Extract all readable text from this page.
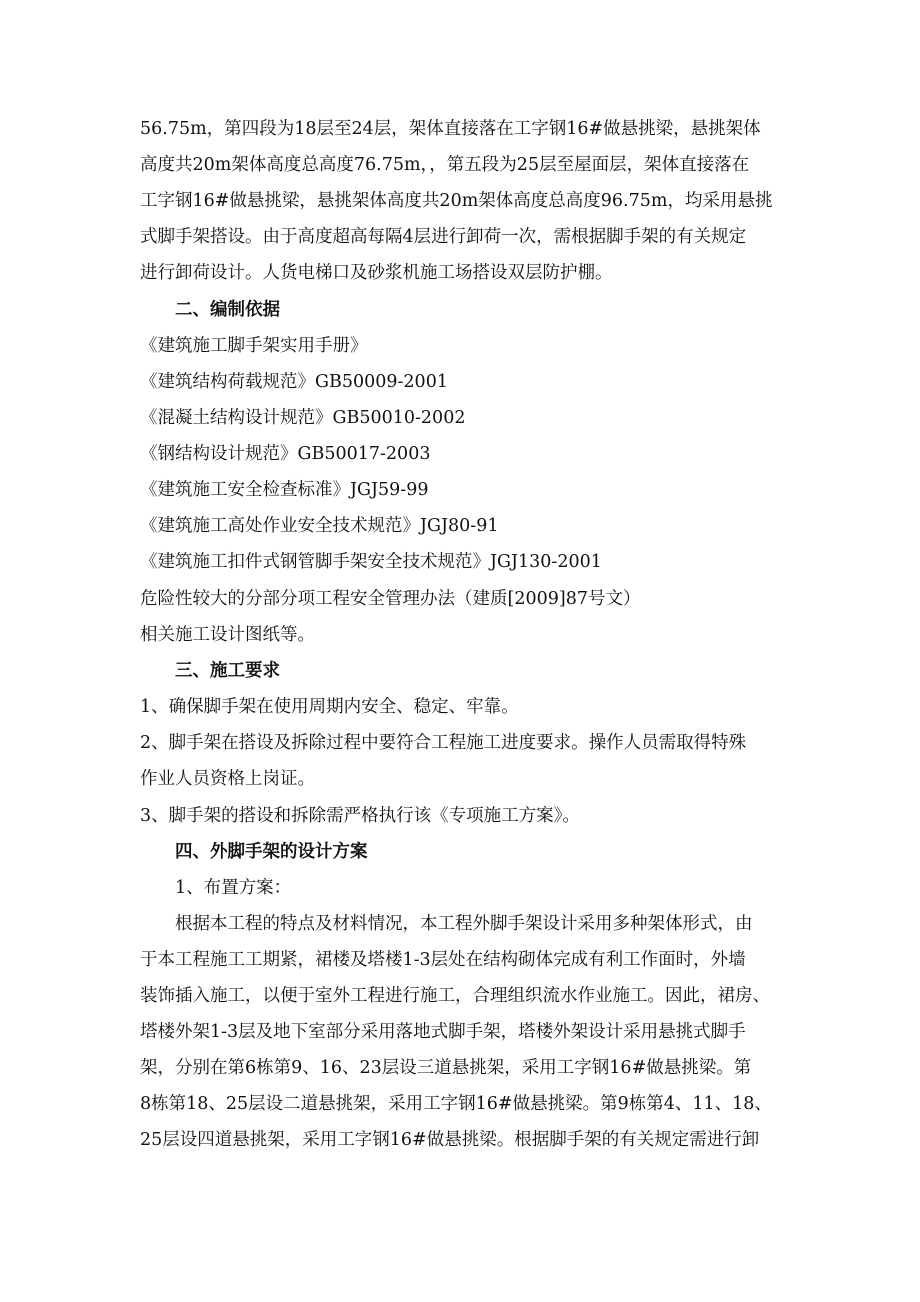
56.75m，第四段为18层至24层，架体直接落在工字钢16#做悬挑梁，悬挑架体
高度共20m架体高度总高度76.75m，，第五段为25层至屋面层，架体直接落在
工字钢16#做悬挑梁，悬挑架体高度共20m架体高度总高度96.75m，均采用悬挑
式脚手架搭设。由于高度超高每隔4层进行卸荷一次，需根据脚手架的有关规定
进行卸荷设计。人货电梯口及砂浆机施工场搭设双层防护棚。
二、编制依据
《建筑施工脚手架实用手册》
《建筑结构荷载规范》GB50009-2001
《混凝土结构设计规范》GB50010-2002
《钢结构设计规范》GB50017-2003
《建筑施工安全检查标准》JGJ59-99
《建筑施工高处作业安全技术规范》JGJ80-91
《建筑施工扣件式钢管脚手架安全技术规范》JGJ130-2001
危险性较大的分部分项工程安全管理办法（建质[2009]87号文）
相关施工设计图纸等。
三、施工要求
1、确保脚手架在使用周期内安全、稳定、牢靠。
2、脚手架在搭设及拆除过程中要符合工程施工进度要求。操作人员需取得特殊
作业人员资格上岗证。
3、脚手架的搭设和拆除需严格执行该《专项施工方案》。
四、外脚手架的设计方案
1、布置方案：
根据本工程的特点及材料情况，本工程外脚手架设计采用多种架体形式，由
于本工程施工工期紧，裙楼及塔楼1-3层处在结构砌体完成有利工作面时，外墙
装饰插入施工，以便于室外工程进行施工，合理组织流水作业施工。因此，裙房、
塔楼外架1-3层及地下室部分采用落地式脚手架，塔楼外架设计采用悬挑式脚手
架，分别在第6栋第9、16、23层设三道悬挑架，采用工字钢16#做悬挑梁。第
8栋第18、25层设二道悬挑架，采用工字钢16#做悬挑梁。第9栋第4、11、18、
25层设四道悬挑架，采用工字钢16#做悬挑梁。根据脚手架的有关规定需进行卸
